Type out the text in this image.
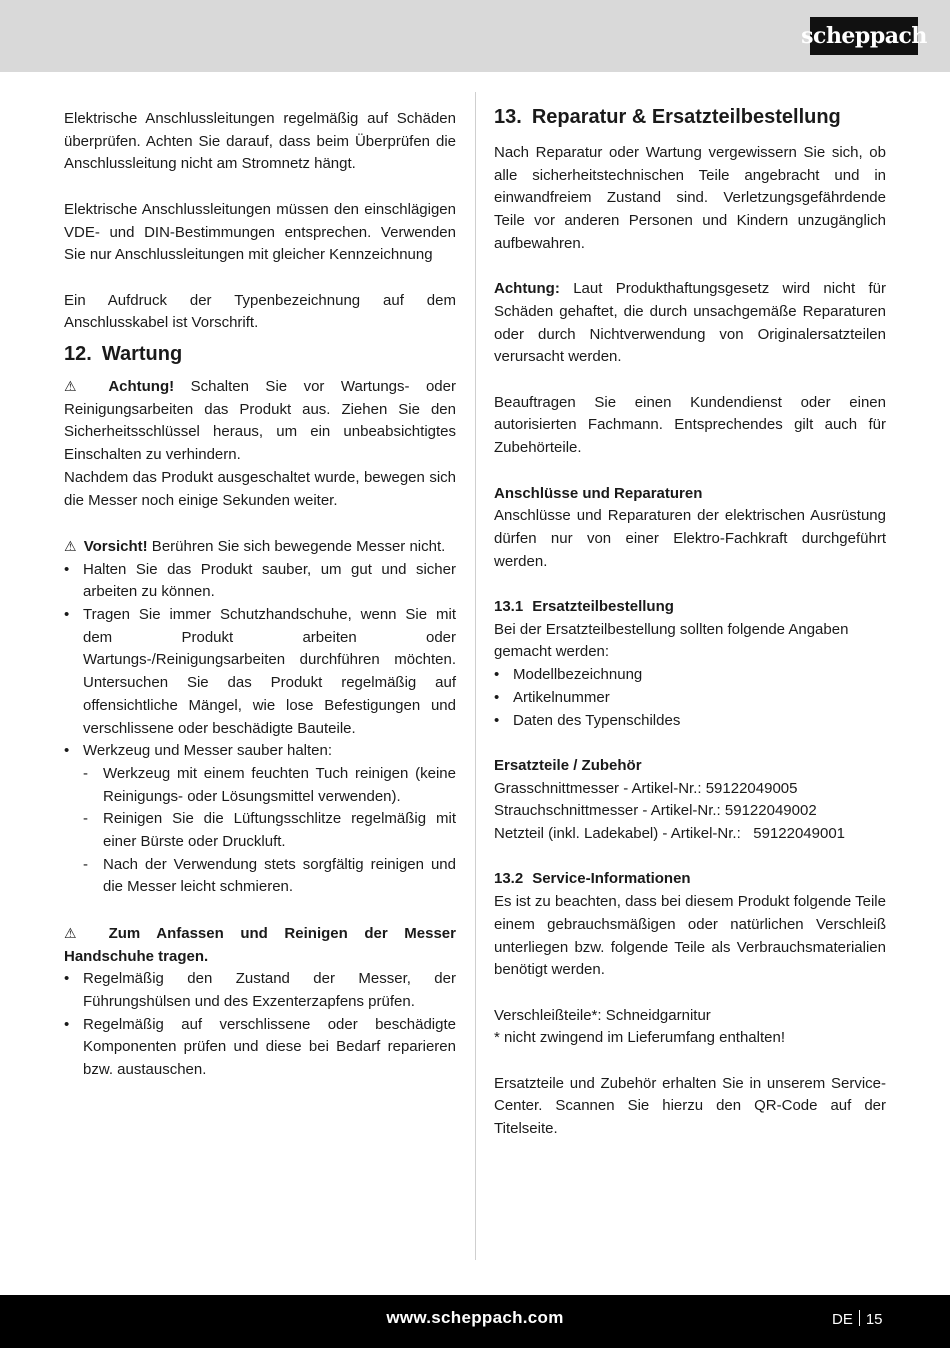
scheppach

Elektrische Anschlussleitungen regelmäßig auf Schäden überprüfen. Achten Sie darauf, dass beim Überprüfen die Anschlussleitung nicht am Stromnetz hängt.

Elektrische Anschlussleitungen müssen den einschlägigen VDE- und DIN-Bestimmungen entsprechen. Verwenden Sie nur Anschlussleitungen mit gleicher Kennzeichnung

Ein Aufdruck der Typenbezeichnung auf dem Anschlusskabel ist Vorschrift.

12. Wartung

⚠ Achtung! Schalten Sie vor Wartungs- oder Reinigungsarbeiten das Produkt aus. Ziehen Sie den Sicherheitsschlüssel heraus, um ein unbeabsichtigtes Einschalten zu verhindern.

Nachdem das Produkt ausgeschaltet wurde, bewegen sich die Messer noch einige Sekunden weiter.

⚠ Vorsicht! Berühren Sie sich bewegende Messer nicht.

• Halten Sie das Produkt sauber, um gut und sicher arbeiten zu können.
• Tragen Sie immer Schutzhandschuhe, wenn Sie mit dem Produkt arbeiten oder Wartungs-/Reinigungsarbeiten durchführen möchten. Untersuchen Sie das Produkt regelmäßig auf offensichtliche Mängel, wie lose Befestigungen und verschlissene oder beschädigte Bauteile.
• Werkzeug und Messer sauber halten:
- Werkzeug mit einem feuchten Tuch reinigen (keine Reinigungs- oder Lösungsmittel verwenden).
- Reinigen Sie die Lüftungsschlitze regelmäßig mit einer Bürste oder Druckluft.
- Nach der Verwendung stets sorgfältig reinigen und die Messer leicht schmieren.

⚠ Zum Anfassen und Reinigen der Messer Handschuhe tragen.

• Regelmäßig den Zustand der Messer, der Führungshülsen und des Exzenterzapfens prüfen.
• Regelmäßig auf verschlissene oder beschädigte Komponenten prüfen und diese bei Bedarf reparieren bzw. austauschen.
13. Reparatur & Ersatzteilbestellung

Nach Reparatur oder Wartung vergewissern Sie sich, ob alle sicherheitstechnischen Teile angebracht und in einwandfreiem Zustand sind. Verletzungsgefährdende Teile vor anderen Personen und Kindern unzugänglich aufbewahren.

Achtung: Laut Produkthaftungsgesetz wird nicht für Schäden gehaftet, die durch unsachgemäße Reparaturen oder durch Nichtverwendung von Originalersatzteilen verursacht werden.

Beauftragen Sie einen Kundendienst oder einen autorisierten Fachmann. Entsprechendes gilt auch für Zubehörteile.

Anschlüsse und Reparaturen

Anschlüsse und Reparaturen der elektrischen Ausrüstung dürfen nur von einer Elektro-Fachkraft durchgeführt werden.

13.1 Ersatzteilbestellung

Bei der Ersatzteilbestellung sollten folgende Angaben gemacht werden:

• Modellbezeichnung
• Artikelnummer
• Daten des Typenschildes

Ersatzteile / Zubehör

Grasschnittmesser - Artikel-Nr.: 59122049005

Strauchschnittmesser - Artikel-Nr.: 59122049002

Netzteil (inkl. Ladekabel) - Artikel-Nr.:   59122049001

13.2 Service-Informationen

Es ist zu beachten, dass bei diesem Produkt folgende Teile einem gebrauchsmäßigen oder natürlichen Verschleiß unterliegen bzw. folgende Teile als Verbrauchsmaterialien benötigt werden.

Verschleißteile*: Schneidgarnitur

* nicht zwingend im Lieferumfang enthalten!

Ersatzteile und Zubehör erhalten Sie in unserem Service-Center. Scannen Sie hierzu den QR-Code auf der Titelseite.

www.scheppach.com	DE 15
